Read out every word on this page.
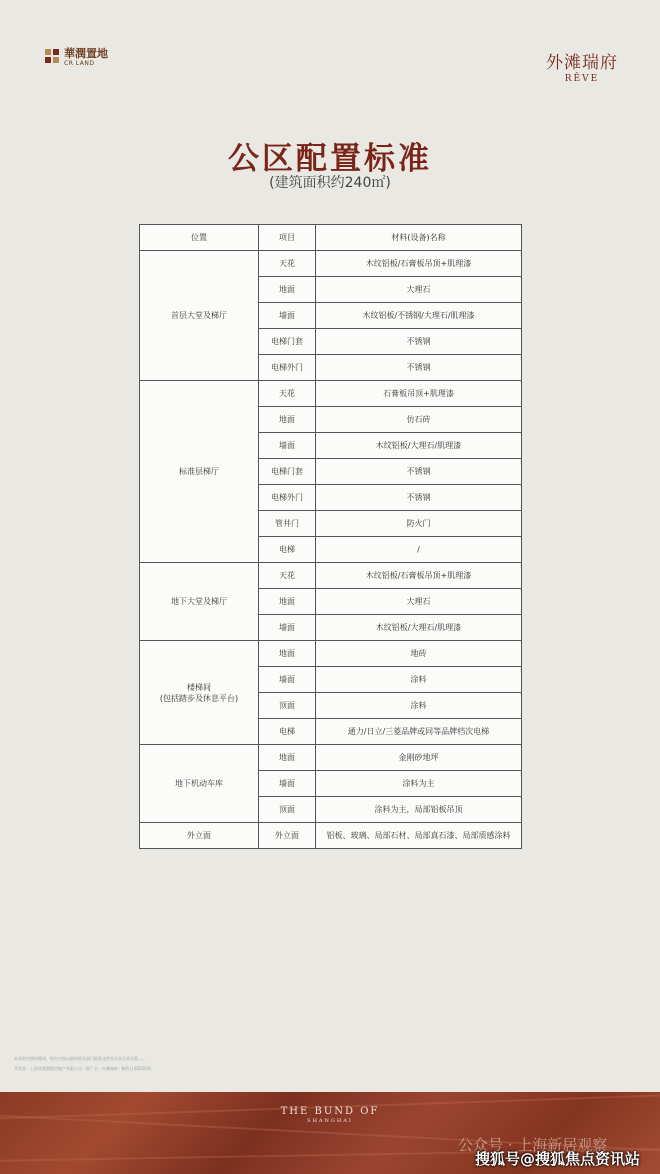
華潤置地
CR LAND	外滩瑞府
RÊVE
公区配置标准
(建筑面积约240㎡)
位置	项目	材料(设备)名称
首层大堂及梯厅	天花	木纹铝板/石膏板吊顶+肌理漆
	地面	大理石
	墙面	木纹铝板/不锈钢/大理石/肌理漆
	电梯门套	不锈钢
	电梯外门	不锈钢
标准层梯厅	天花	石膏板吊顶+肌理漆
	地面	仿石砖
	墙面	木纹铝板/大理石/肌理漆
	电梯门套	不锈钢
	电梯外门	不锈钢
	管井门	防火门
	电梯	/
地下大堂及梯厅	天花	木纹铝板/石膏板吊顶+肌理漆
	地面	大理石
	墙面	木纹铝板/大理石/肌理漆
楼梯间
(包括踏步及休息平台)	地面	地砖
	墙面	涂料
	顶面	涂料
	电梯	通力/日立/三菱品牌或同等品牌档次电梯
地下机动车库	地面	金刚砂地坪
	墙面	涂料为主
	顶面	涂料为主，局部铝板吊顶
外立面	外立面	铝板、玻璃、局部石材、局部真石漆、局部质感涂料
本资料为要约邀请，相关内容以政府相关部门批准文件及买卖合同为准……
开发商：上海华润置地房地产有限公司 · 推广名：外滩瑞府 · 制作日期2023年
THE BUND OF
SHANGHAI
公众号 · 上海新居观察
搜狐号@搜狐焦点资讯站
